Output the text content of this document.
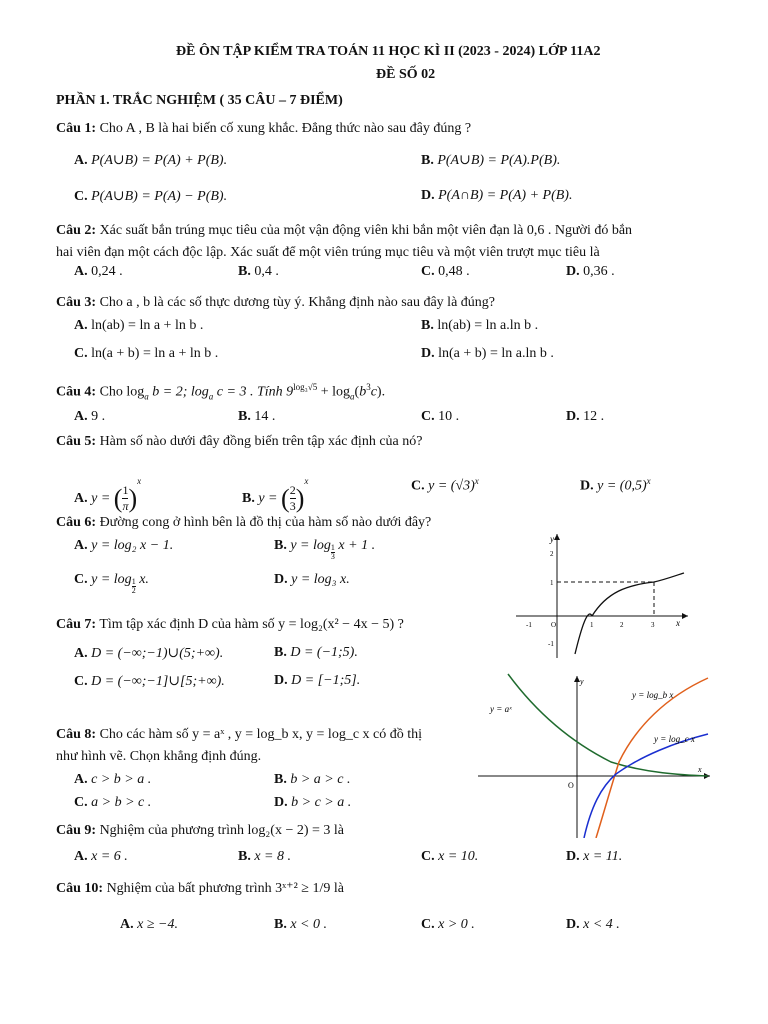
ĐỀ ÔN TẬP KIỂM TRA TOÁN 11 HỌC KÌ II (2023 - 2024) LỚP 11A2
ĐỀ SỐ 02
PHẦN 1. TRẮC NGHIỆM ( 35 CÂU – 7 ĐIỂM)
Câu 1: Cho A , B là hai biến cố xung khắc. Đẳng thức nào sau đây đúng ?
A. P(A∪B) = P(A) + P(B).	B. P(A∪B) = P(A).P(B).
C. P(A∪B) = P(A) − P(B).	D. P(A∩B) = P(A) + P(B).
Câu 2: Xác suất bắn trúng mục tiêu của một vận động viên khi bắn một viên đạn là 0,6 . Người đó bắn
hai viên đạn một cách độc lập. Xác suất để một viên trúng mục tiêu và một viên trượt mục tiêu là
A. 0,24 .	B. 0,4 .	C. 0,48 .	D. 0,36 .
Câu 3: Cho a , b là các số thực dương tùy ý. Khẳng định nào sau đây là đúng?
A. ln(ab) = ln a + ln b .	B. ln(ab) = ln a.ln b .
C. ln(a + b) = ln a + ln b .	D. ln(a + b) = ln a.ln b .
Câu 4: Cho $\log_a b = 2$; $\log_a c = 3$ . Tính $9^{log_3√5} + \log_a(b^3c)$.
A. 9 .	B. 14 .	C. 10 .	D. 12 .
Câu 5: Hàm số nào dưới đây đồng biến trên tập xác định của nó?
A. y = ( $\frac{1}{\pi} )^x$
B. y = ( $\frac{2}{3} )^x$	C. $y = (√3)^x$	D. $y = (0,5)^x$
Câu 6: Đường cong ở hình bên là đồ thị của hàm số nào dưới đây?
A. y = log₂ x − 1.	B. y = log $_{\frac{1}{3}}$ x + 1 .
C. y = log $_{\frac{1}{2}}$ x.	D. y = log₃ x.
y
x
-1	O	1	2	3
2
1
-1
Câu 7: Tìm tập xác định D của hàm số y = log₂(x² − 4x − 5) ?
A. D = (−∞;−1)∪(5;+∞).	B. D = (−1;5).
C. D = (−∞;−1]∪[5;+∞).	D. D = [−1;5].	y
x
O
y = aˣ
y = log_b x
y = log_c x
Câu 8: Cho các hàm số y = aˣ , y = log_b x, y = log_c x có đồ thị
như hình vẽ. Chọn khẳng định đúng.
A. c > b > a .	B. b > a > c .
C. a > b > c .	D. b > c > a .
Câu 9: Nghiệm của phương trình log₂(x − 2) = 3 là
A. x = 6 .	B. x = 8 .	C. x = 10.	D. x = 11.
Câu 10: Nghiệm của bất phương trình 3ˣ⁺² ≥ 1/9 là
A. x ≥ −4.	B. x < 0 .	C. x > 0 .	D. x < 4 .
